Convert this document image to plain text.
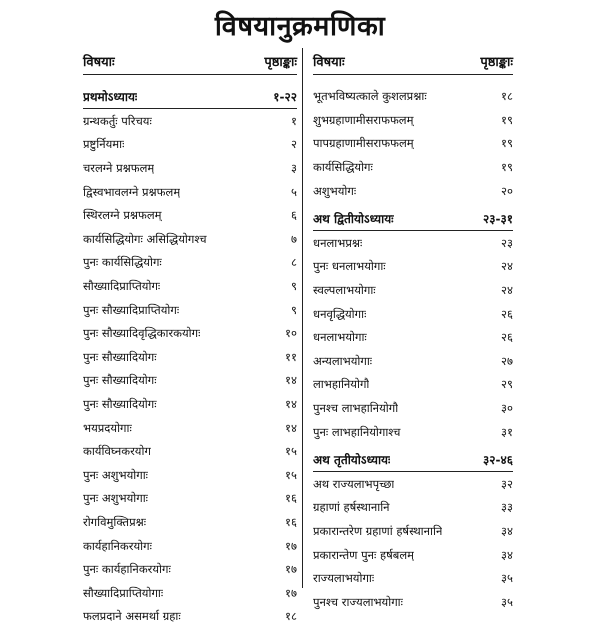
विषयानुक्रमणिका
विषयाः	पृष्ठाङ्काः
प्रथमोऽध्यायः	१-२२
ग्रन्थकर्तुः परिचयः	१
प्रष्टुर्नियमाः	२
चरलग्ने प्रश्नफलम्	३
द्विस्वभावलग्ने प्रश्नफलम्	५
स्थिरलग्ने प्रश्नफलम्	६
कार्यसिद्धियोगः असिद्धियोगश्च	७
पुनः कार्यसिद्धियोगः	८
सौख्यादिप्राप्तियोगः	९
पुनः सौख्यादिप्राप्तियोगः	९
पुनः सौख्यादिवृद्धिकारकयोगः	१०
पुनः सौख्यादियोगः	११
पुनः सौख्यादियोगः	१४
पुनः सौख्यादियोगः	१४
भयप्रदयोगाः	१४
कार्यविघ्नकरयोग	१५
पुनः अशुभयोगाः	१५
पुनः अशुभयोगाः	१६
रोगविमुक्तिप्रश्नः	१६
कार्यहानिकरयोगः	१७
पुनः कार्यहानिकरयोगः	१७
सौख्यादिप्राप्तियोगाः	१७
फलप्रदाने असमर्था ग्रहाः	१८
विषयाः	पृष्ठाङ्काः
भूतभविष्यत्काले कुशलप्रश्नाः	१८
शुभग्रहाणामीसराफफलम्	१९
पापग्रहाणामीसराफफलम्	१९
कार्यसिद्धियोगः	१९
अशुभयोगः	२०
अथ द्वितीयोऽध्यायः	२३-३१
धनलाभप्रश्नः	२३
पुनः धनलाभयोगाः	२४
स्वल्पलाभयोगाः	२४
धनवृद्धियोगाः	२६
धनलाभयोगाः	२६
अन्यलाभयोगाः	२७
लाभहानियोगौ	२९
पुनश्च लाभहानियोगौ	३०
पुनः लाभहानियोगाश्च	३१
अथ तृतीयोऽध्यायः	३२-४६
अथ राज्यलाभपृच्छा	३२
ग्रहाणां हर्षस्थानानि	३३
प्रकारान्तरेण ग्रहाणां हर्षस्थानानि	३४
प्रकारान्तेण पुनः हर्षबलम्	३४
राज्यलाभयोगाः	३५
पुनश्च राज्यलाभयोगाः	३५
